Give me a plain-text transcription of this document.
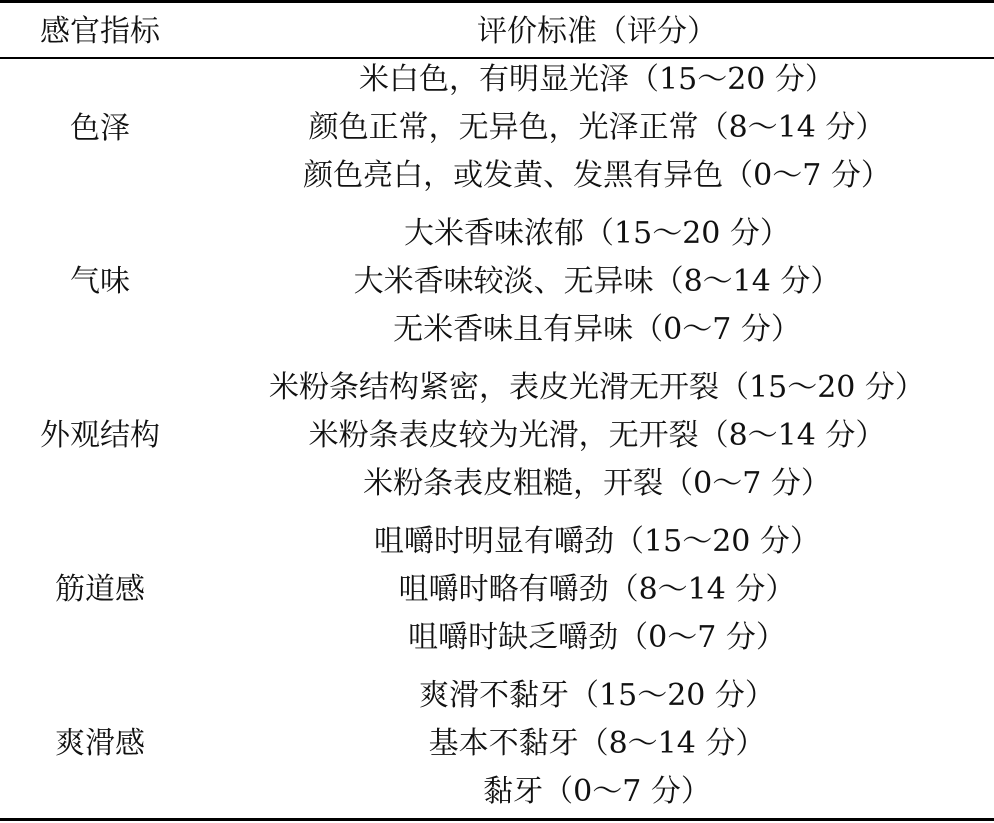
感官指标	评价标准（评分）
色泽
米白色，有明显光泽（15～20 分）
颜色正常，无异色，光泽正常（8～14 分）
颜色亮白，或发黄、发黑有异色（0～7 分）
气味
大米香味浓郁（15～20 分）
大米香味较淡、无异味（8～14 分）
无米香味且有异味（0～7 分）
外观结构
米粉条结构紧密，表皮光滑无开裂（15～20 分）
米粉条表皮较为光滑，无开裂（8～14 分）
米粉条表皮粗糙，开裂（0～7 分）
筋道感
咀嚼时明显有嚼劲（15～20 分）
咀嚼时略有嚼劲（8～14 分）
咀嚼时缺乏嚼劲（0～7 分）
爽滑感
爽滑不黏牙（15～20 分）
基本不黏牙（8～14 分）
黏牙（0～7 分）
